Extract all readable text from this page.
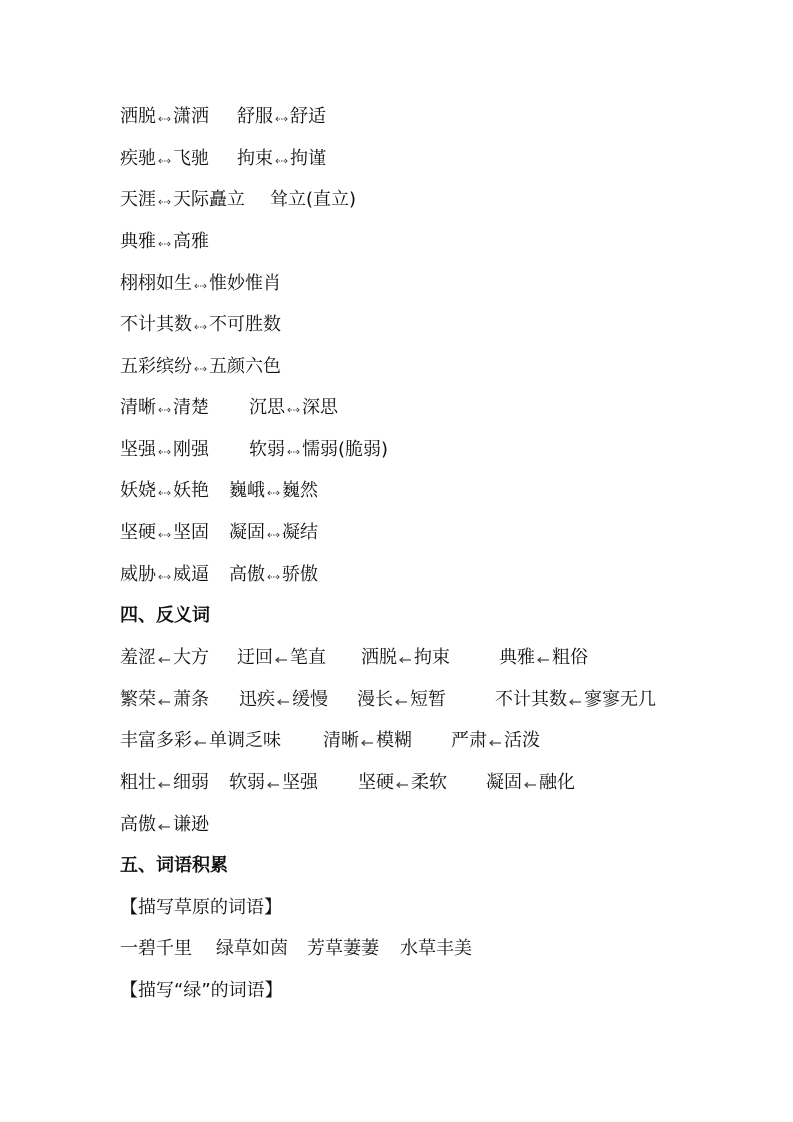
洒脱 潇洒 舒服 舒适
疾驰 飞驰 拘束 拘谨
天涯 天际矗立 耸立(直立)
典雅 高雅
栩栩如生 惟妙惟肖
不计其数 不可胜数
五彩缤纷 五颜六色
清晰 清楚 沉思 深思
坚强 刚强 软弱 懦弱(脆弱)
妖娆 妖艳 巍峨 巍然
坚硬 坚固 凝固 凝结
威胁 威逼 高傲 骄傲
四、反义词
羞涩 大方 迂回 笔直 洒脱 拘束	典雅 粗俗
繁荣 萧条 迅疾 缓慢 漫长 短暂	不计其数 寥寥无几
丰富多彩 单调乏味 清晰 模糊 严肃 活泼
粗壮 细弱 软弱 坚强 坚硬 柔软 凝固 融化
高傲 谦逊
五、词语积累
【描写草原的词语】
一碧千里 绿草如茵 芳草萋萋 水草丰美
【描写“绿”的词语】
